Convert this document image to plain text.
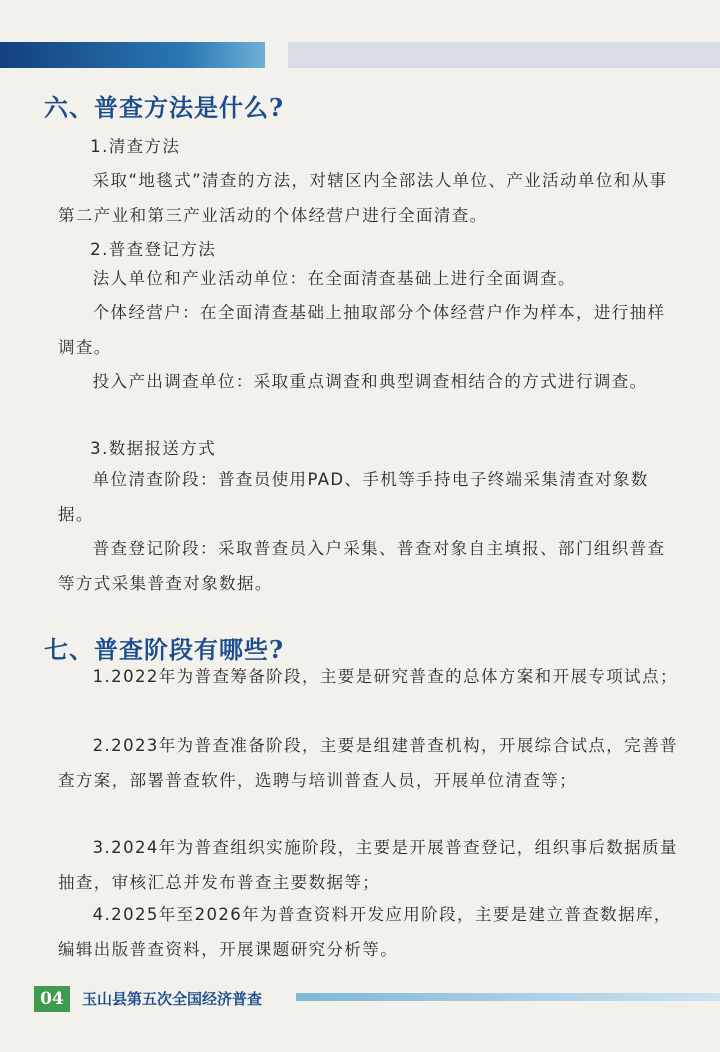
六、普查方法是什么?

1.清查方法

采取“地毯式”清查的方法，对辖区内全部法人单位、产业活动单位和从事第二产业和第三产业活动的个体经营户进行全面清查。

2.普查登记方法

法人单位和产业活动单位：在全面清查基础上进行全面调查。

个体经营户：在全面清查基础上抽取部分个体经营户作为样本，进行抽样调查。

投入产出调查单位：采取重点调查和典型调查相结合的方式进行调查。

3.数据报送方式

单位清查阶段：普查员使用PAD、手机等手持电子终端采集清查对象数据。

普查登记阶段：采取普查员入户采集、普查对象自主填报、部门组织普查等方式采集普查对象数据。

七、普查阶段有哪些?

1.2022年为普查筹备阶段，主要是研究普查的总体方案和开展专项试点；

2.2023年为普查准备阶段，主要是组建普查机构，开展综合试点，完善普查方案，部署普查软件，选聘与培训普查人员，开展单位清查等；

3.2024年为普查组织实施阶段，主要是开展普查登记，组织事后数据质量抽查，审核汇总并发布普查主要数据等；

4.2025年至2026年为普查资料开发应用阶段，主要是建立普查数据库，编辑出版普查资料，开展课题研究分析等。

04	玉山县第五次全国经济普查
